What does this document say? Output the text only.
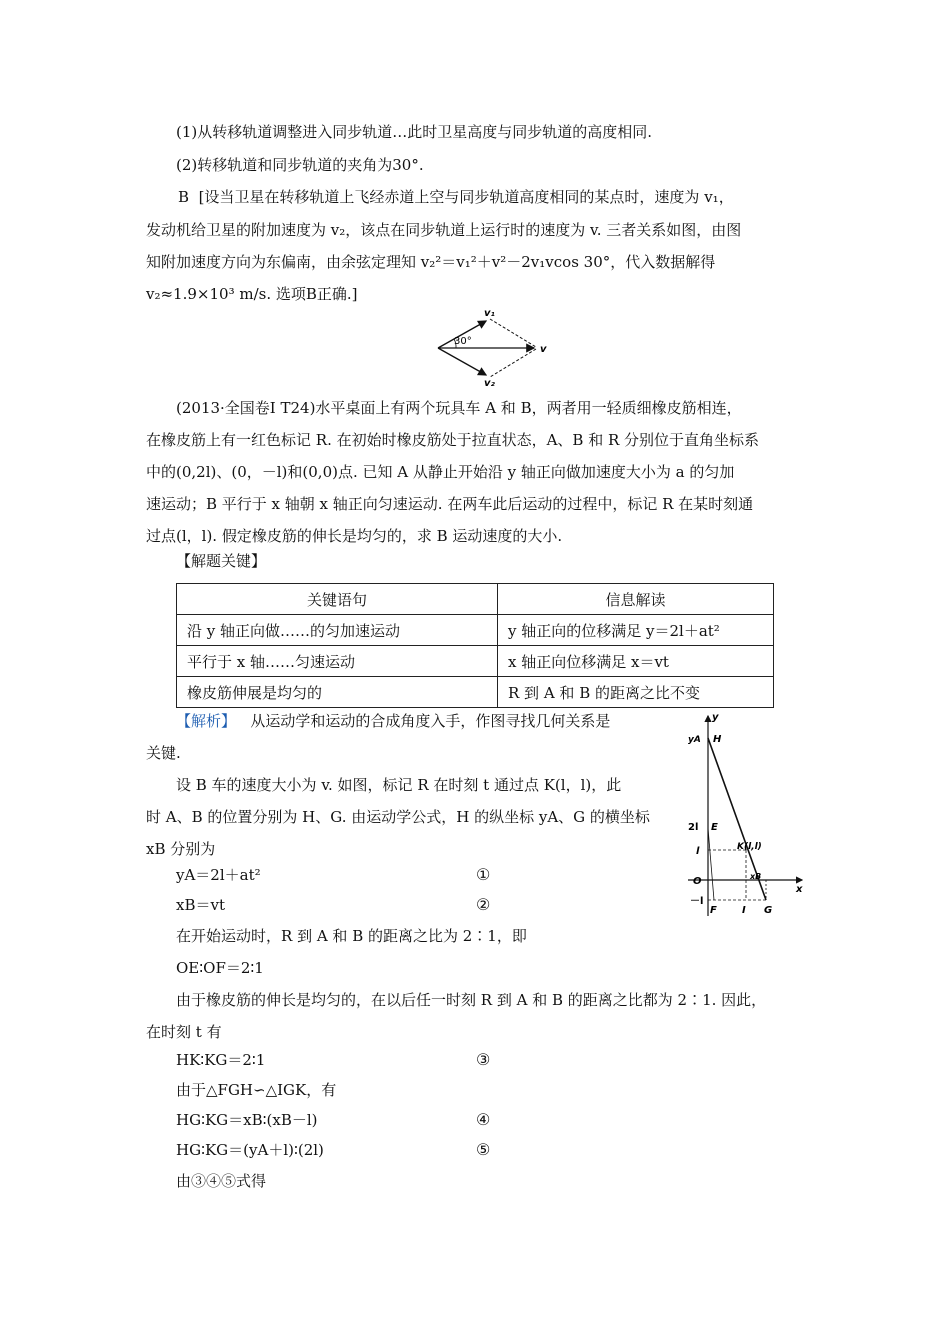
(1)从转移轨道调整进入同步轨道…此时卫星高度与同步轨道的高度相同.
(2)转移轨道和同步轨道的夹角为30°.
B [设当卫星在转移轨道上飞经赤道上空与同步轨道高度相同的某点时，速度为 v₁，
发动机给卫星的附加速度为 v₂，该点在同步轨道上运行时的速度为 v. 三者关系如图，由图
知附加速度方向为东偏南，由余弦定理知 v₂²＝v₁²＋v²－2v₁vcos 30°，代入数据解得
v₂≈1.9×10³ m/s. 选项B正确.]
30°
v₁
v
v₂
(2013·全国卷Ⅰ T24)水平桌面上有两个玩具车 A 和 B，两者用一轻质细橡皮筋相连，
在橡皮筋上有一红色标记 R. 在初始时橡皮筋处于拉直状态，A、B 和 R 分别位于直角坐标系
中的(0,2l)、(0，－l)和(0,0)点. 已知 A 从静止开始沿 y 轴正向做加速度大小为 a 的匀加
速运动；B 平行于 x 轴朝 x 轴正向匀速运动. 在两车此后运动的过程中，标记 R 在某时刻通
过点(l，l). 假定橡皮筋的伸长是均匀的，求 B 运动速度的大小.
【解题关键】
关键语句	信息解读
沿 y 轴正向做……的匀加速运动	y 轴正向的位移满足 y＝2l＋at²
平行于 x 轴……匀速运动	x 轴正向位移满足 x＝vt
橡皮筋伸展是均匀的	R 到 A 和 B 的距离之比不变
【解析】 从运动学和运动的合成角度入手，作图寻找几何关系是
关键.
设 B 车的速度大小为 v. 如图，标记 R 在时刻 t 通过点 K(l，l)，此
时 A、B 的位置分别为 H、G. 由运动学公式，H 的纵坐标 yA、G 的横坐标
xB 分别为
yA＝2l＋at²	①
xB＝vt	②
在开始运动时，R 到 A 和 B 的距离之比为 2∶1，即
OE∶OF＝2∶1
由于橡皮筋的伸长是均匀的，在以后任一时刻 R 到 A 和 B 的距离之比都为 2∶1. 因此，
在时刻 t 有
HK∶KG＝2∶1	③
由于△FGH∽△IGK，有
HG∶KG＝xB∶(xB－l)	④
HG∶KG＝(yA＋l)∶(2l)	⑤
由③④⑤式得
y
x
yA H
2l E
l	K(l,l)
xB
O
－l
F	I G
